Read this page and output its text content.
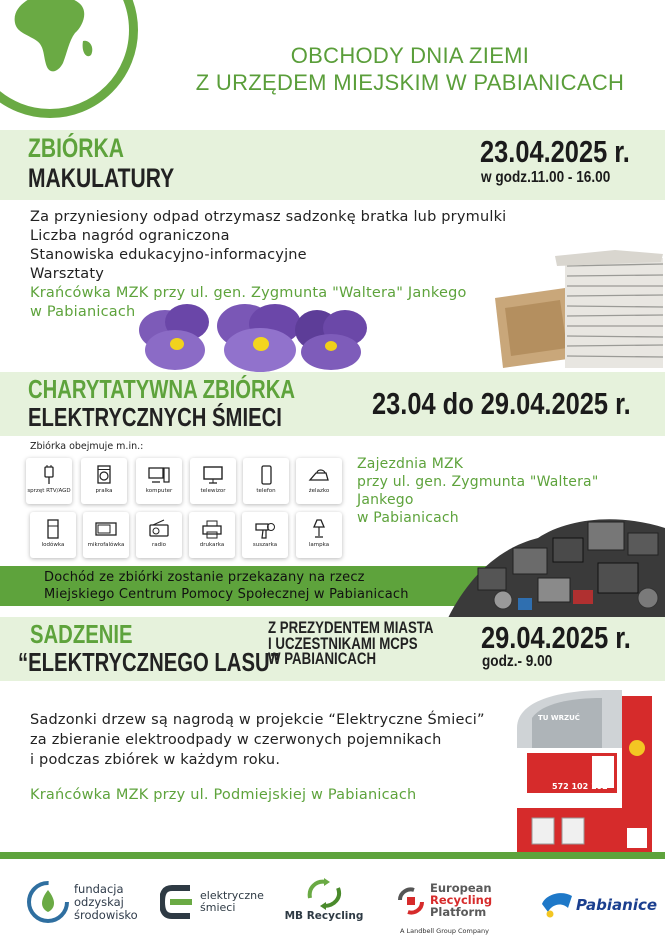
OBCHODY DNIA ZIEMI
Z URZĘDEM MIEJSKIM W PABIANICACH
ZBIÓRKA
MAKULATURY
23.04.2025 r.
w godz.11.00 - 16.00
Za przyniesiony odpad otrzymasz sadzonkę bratka lub prymulki
Liczba nagród ograniczona
Stanowiska edukacyjno-informacyjne
Warsztaty
Krańcówka MZK przy ul. gen. Zygmunta "Waltera" Jankego
w Pabianicach
CHARYTATYWNA ZBIÓRKA
ELEKTRYCZNYCH ŚMIECI	23.04 do 29.04.2025 r.
Zbiórka obejmuje m.in.:
sprzęt RTV/AGD	pralka	komputer	telewizor	telefon	żelazko
lodówka	mikrofalówka	radio	drukarka	suszarka	lampka
Zajezdnia MZK
przy ul. gen. Zygmunta "Waltera" Jankego
w Pabianicach
Dochód ze zbiórki zostanie przekazany na rzecz
Miejskiego Centrum Pomocy Społecznej w Pabianicach
SADZENIE
“ELEKTRYCZNEGO LASU”
Z PREZYDENTEM MIASTA
I UCZESTNIKAMI MCPS
W PABIANICACH
29.04.2025 r.
godz.- 9.00
Sadzonki drzew są nagrodą w projekcie “Elektryczne Śmieci”
za zbieranie elektroodpady w czerwonych pojemnikach
i podczas zbiórek w każdym roku.
Krańcówka MZK przy ul. Podmiejskiej w Pabianicach
TU WRZUĆ
572 102 102
fundacja
odzyskaj
środowisko
elektryczne
śmieci
MB Recycling
European
Recycling
Platform
A Landbell Group Company
Pabianice
